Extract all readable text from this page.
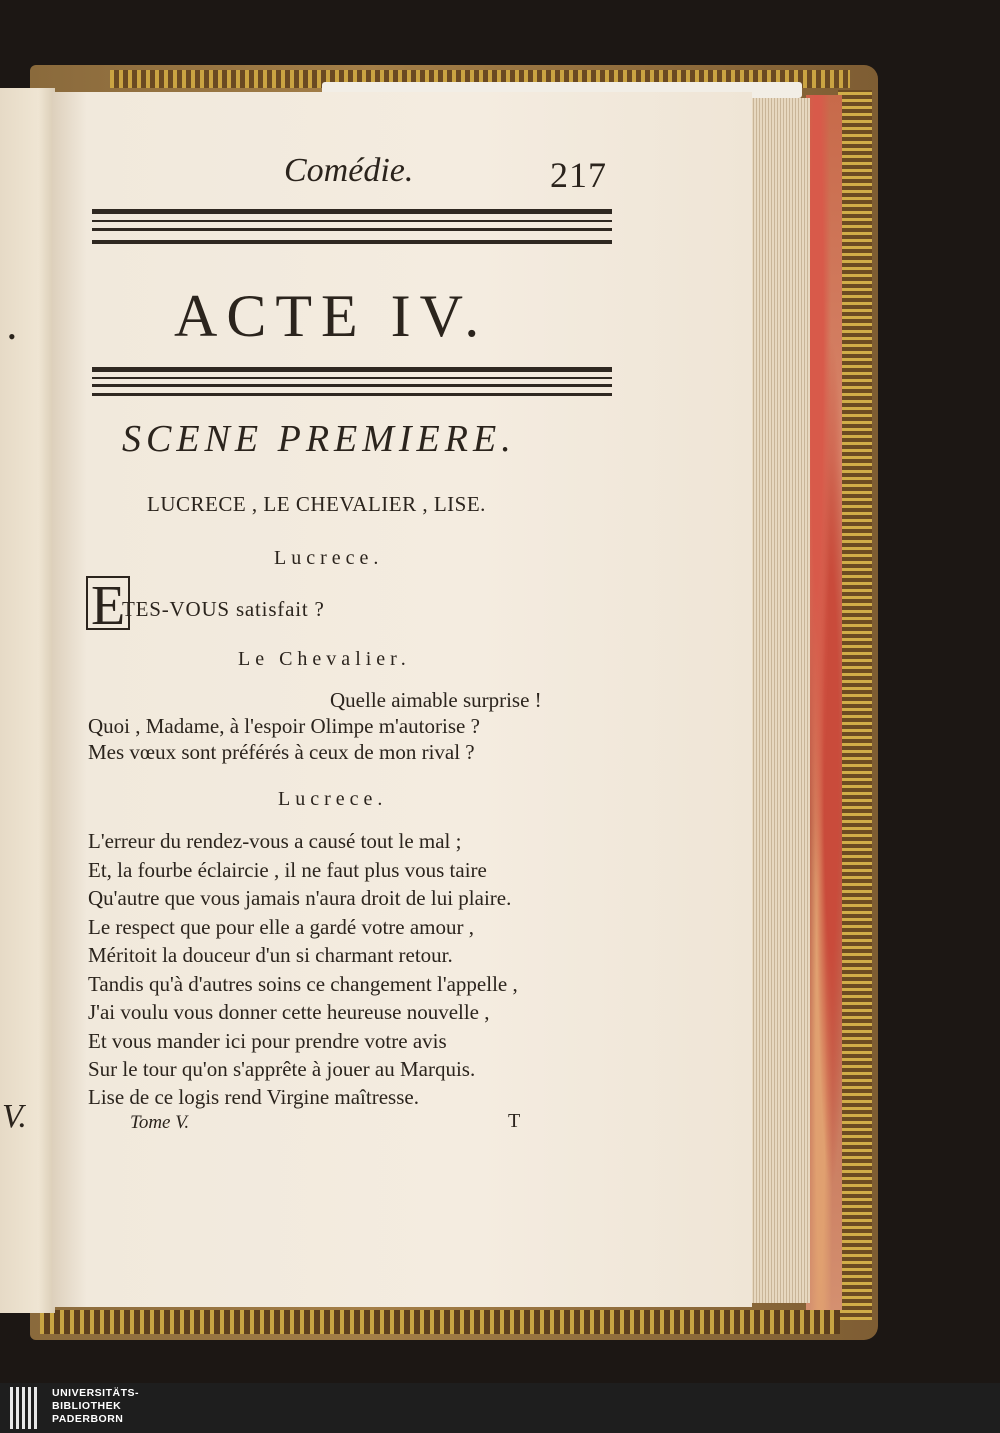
•
V.
Comédie.	217
ACTE IV.
SCENE PREMIERE.
LUCRECE , LE CHEVALIER , LISE.
Lucrece.
E
TES-VOUS satisfait ?
Le Chevalier.
Quelle aimable surprise !
Quoi , Madame, à l'espoir Olimpe m'autorise ?
Mes vœux sont préférés à ceux de mon rival ?
Lucrece.
L'erreur du rendez-vous a causé tout le mal ;
Et, la fourbe éclaircie , il ne faut plus vous taire
Qu'autre que vous jamais n'aura droit de lui plaire.
Le respect que pour elle a gardé votre amour ,
Méritoit la douceur d'un si charmant retour.
Tandis qu'à d'autres soins ce changement l'appelle ,
J'ai voulu vous donner cette heureuse nouvelle ,
Et vous mander ici pour prendre votre avis
Sur le tour qu'on s'apprête à jouer au Marquis.
Lise de ce logis rend Virgine maîtresse.
Tome V.	T
UNIVERSITÄTS-
BIBLIOTHEK
PADERBORN
